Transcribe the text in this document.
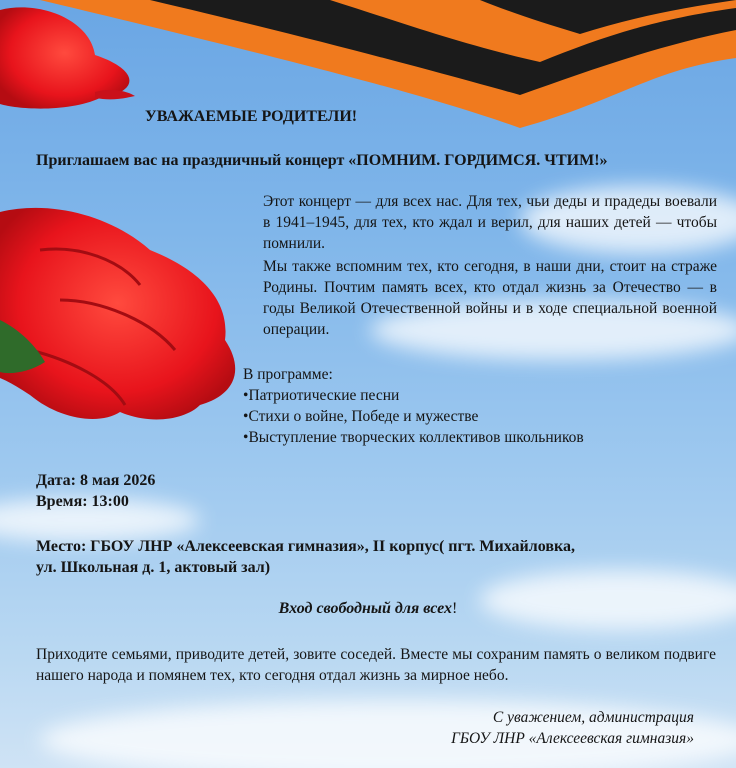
УВАЖАЕМЫЕ РОДИТЕЛИ!
Приглашаем вас на праздничный концерт «ПОМНИМ. ГОРДИМСЯ. ЧТИМ!»
Этот концерт — для всех нас. Для тех, чьи деды и прадеды воевали в 1941–1945, для тех, кто ждал и верил, для наших детей — чтобы помнили.
Мы также вспомним тех, кто сегодня, в наши дни, стоит на страже Родины. Почтим память всех, кто отдал жизнь за Отечество — в годы Великой Отечественной войны и в ходе специальной военной операции.
В программе:
• Патриотические песни
• Стихи о войне, Победе и мужестве
• Выступление творческих коллективов школьников
Дата: 8 мая 2026
Время: 13:00
Место: ГБОУ ЛНР «Алексеевская гимназия», II корпус( пгт. Михайловка,
ул. Школьная д. 1, актовый зал)
Вход свободный для всех!
Приходите семьями, приводите детей, зовите соседей. Вместе мы сохраним память о великом подвиге нашего народа и помянем тех, кто сегодня отдал жизнь за мирное небо.
С уважением, администрация
ГБОУ ЛНР «Алексеевская гимназия»
